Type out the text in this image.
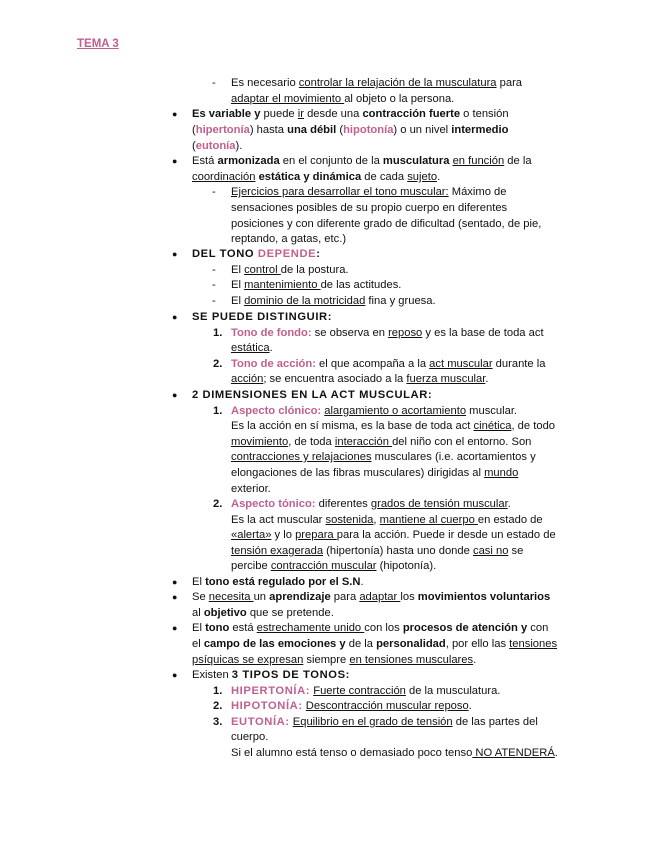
TEMA 3
- Es necesario controlar la relajación de la musculatura para
adaptar el movimiento al objeto o la persona.
● Es variable y puede ir desde una contracción fuerte o tensión
(hipertonía) hasta una débil (hipotonía) o un nivel intermedio
(eutonía).
● Está armonizada en el conjunto de la musculatura en función de la
coordinación estática y dinámica de cada sujeto.
- Ejercicios para desarrollar el tono muscular: Máximo de
sensaciones posibles de su propio cuerpo en diferentes
posiciones y con diferente grado de dificultad (sentado, de pie,
reptando, a gatas, etc.)
● DEL TONO DEPENDE:
- El control de la postura.
- El mantenimiento de las actitudes.
- El dominio de la motricidad fina y gruesa.
● SE PUEDE DISTINGUIR:
1. Tono de fondo: se observa en reposo y es la base de toda act
estática.
2. Tono de acción: el que acompaña a la act muscular durante la
acción; se encuentra asociado a la fuerza muscular.
● 2 DIMENSIONES EN LA ACT MUSCULAR:
1. Aspecto clónico: alargamiento o acortamiento muscular.
Es la acción en sí misma, es la base de toda act cinética, de todo
movimiento, de toda interacción del niño con el entorno. Son
contracciones y relajaciones musculares (i.e. acortamientos y
elongaciones de las fibras musculares) dirigidas al mundo
exterior.
2. Aspecto tónico: diferentes grados de tensión muscular.
Es la act muscular sostenida, mantiene al cuerpo en estado de
«alerta» y lo prepara para la acción. Puede ir desde un estado de
tensión exagerada (hipertonía) hasta uno donde casi no se
percibe contracción muscular (hipotonía).
● El tono está regulado por el S.N.
● Se necesita un aprendizaje para adaptar los movimientos voluntarios
al objetivo que se pretende.
● El tono está estrechamente unido con los procesos de atención y con
el campo de las emociones y de la personalidad, por ello las tensiones
psíquicas se expresan siempre en tensiones musculares.
● Existen 3 TIPOS DE TONOS:
1. HIPERTONÍA: Fuerte contracción de la musculatura.
2. HIPOTONÍA: Descontracción muscular reposo.
3. EUTONÍA: Equilibrio en el grado de tensión de las partes del
cuerpo.
Si el alumno está tenso o demasiado poco tenso NO ATENDERÁ.
